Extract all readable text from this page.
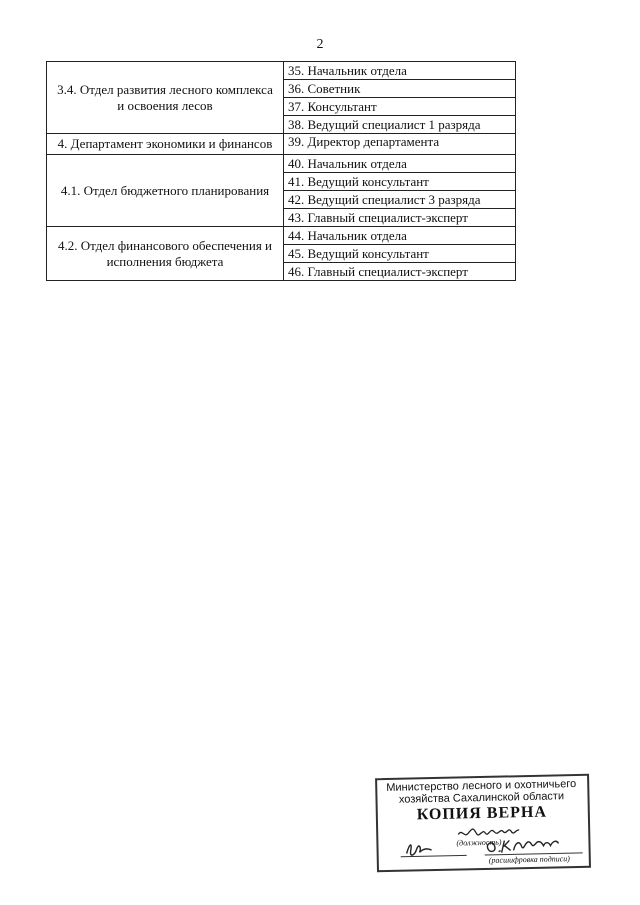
2
3.4. Отдел развития лесного комплекса и освоения лесов	35. Начальник отдела
	36. Советник
	37. Консультант
	38. Ведущий специалист 1 разряда
4. Департамент экономики и финансов	39. Директор департамента
4.1. Отдел бюджетного планирования	40. Начальник отдела
	41. Ведущий консультант
	42. Ведущий специалист 3 разряда
	43. Главный специалист-эксперт
4.2. Отдел финансового обеспечения и исполнения бюджета	44. Начальник отдела
	45. Ведущий консультант
	46. Главный специалист-эксперт
Министерство лесного и охотничьего
хозяйства Сахалинской области
КОПИЯ ВЕРНА
(должность)
(расшифровка подписи)
